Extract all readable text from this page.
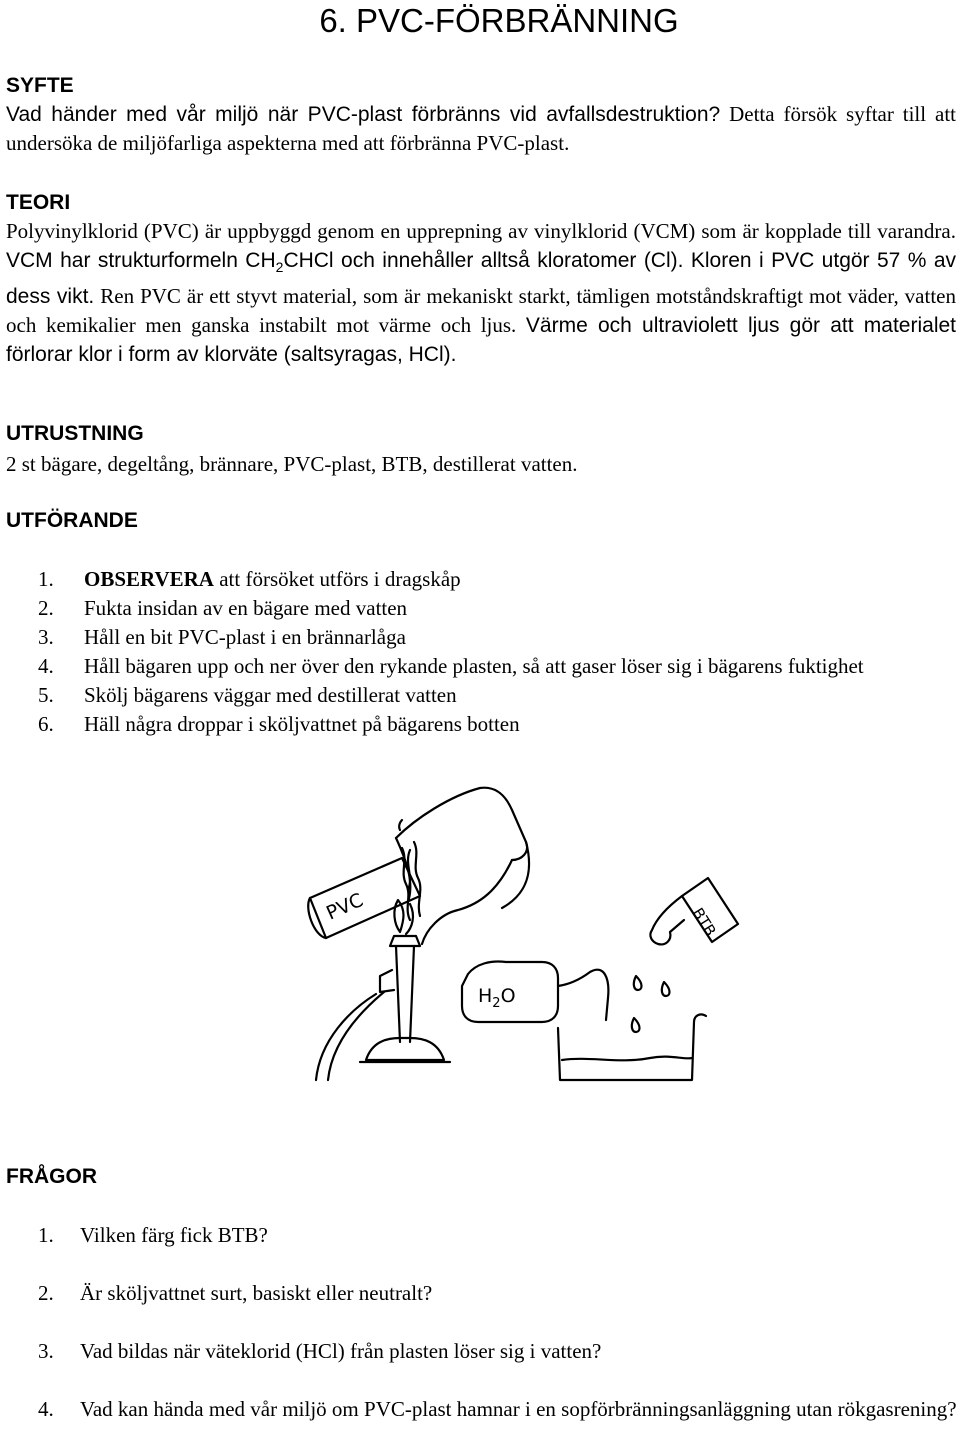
6. PVC-FÖRBRÄNNING
SYFTE
Vad händer med vår miljö när PVC-plast förbränns vid avfallsdestruktion? Detta försök syftar till att undersöka de miljöfarliga aspekterna med att förbränna PVC-plast.
TEORI
Polyvinylklorid (PVC) är uppbyggd genom en upprepning av vinylklorid (VCM) som är kopplade till varandra. VCM har strukturformeln $CH_2CHCl$ och innehåller alltså kloratomer (Cl). Kloren i PVC utgör 57 % av dess vikt. Ren PVC är ett styvt material, som är mekaniskt starkt, tämligen motståndskraftigt mot väder, vatten och kemikalier men ganska instabilt mot värme och ljus. Värme och ultraviolett ljus gör att materialet förlorar klor i form av klorväte (saltsyragas, HCl).
UTRUSTNING
2 st bägare, degeltång, brännare, PVC-plast, BTB, destillerat vatten.
UTFÖRANDE
1.	OBSERVERA att försöket utförs i dragskåp
2.	Fukta insidan av en bägare med vatten
3.	Håll en bit PVC-plast i en brännarlåga
4.	Håll bägaren upp och ner över den rykande plasten, så att gaser löser sig i bägarens fuktighet
5.	Skölj bägarens väggar med destillerat vatten
6.	Häll några droppar i sköljvattnet på bägarens botten
PVC
$H_2O$
BTB
FRÅGOR
1.	Vilken färg fick BTB?
2.	Är sköljvattnet surt, basiskt eller neutralt?
3.	Vad bildas när väteklorid (HCl) från plasten löser sig i vatten?
4.	Vad kan hända med vår miljö om PVC-plast hamnar i en sopförbränningsanläggning utan rökgasrening?
